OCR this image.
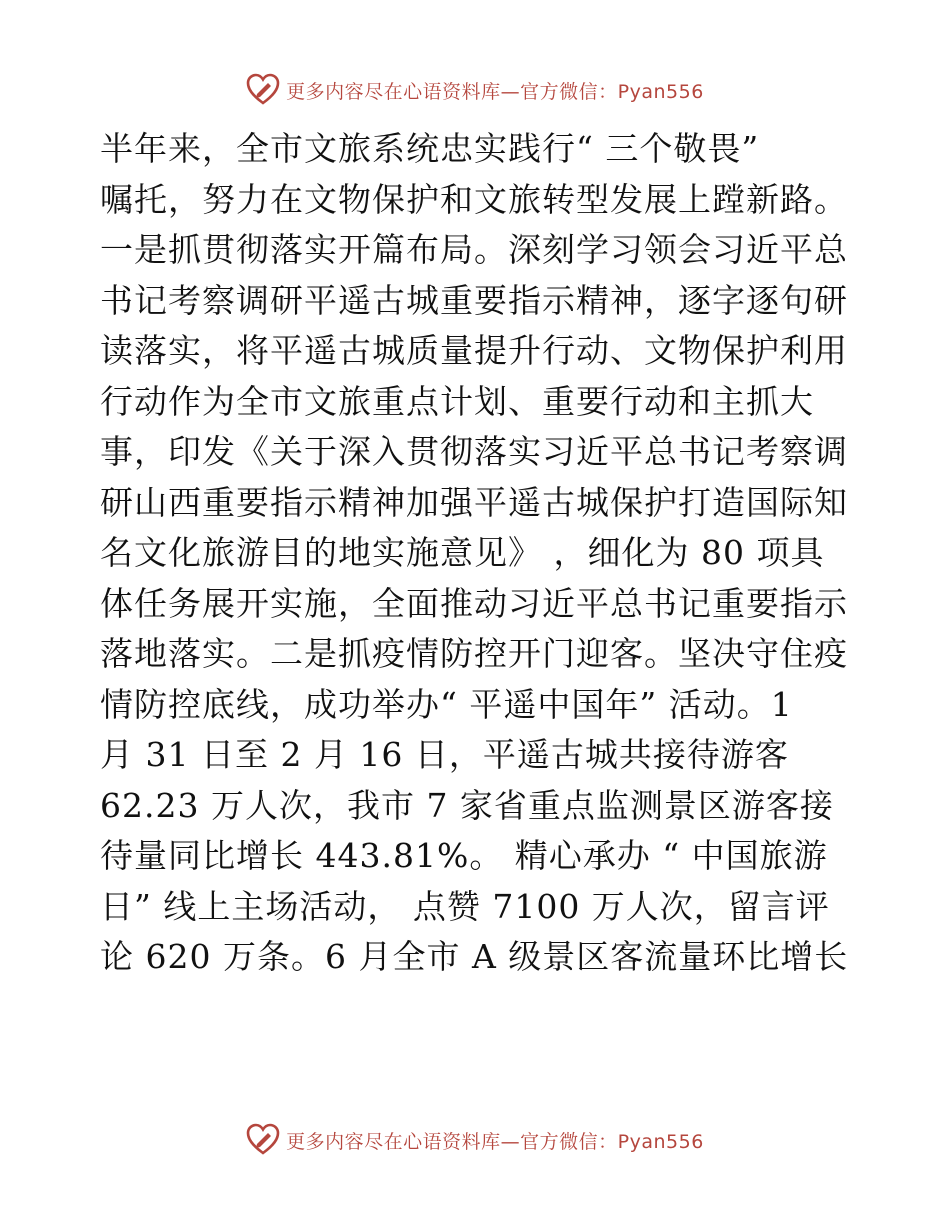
更多内容尽在心语资料库—官方微信：Pyan556
半年来，全市文旅系统忠实践行“ 三个敬畏”
嘱托，努力在文物保护和文旅转型发展上蹚新路。
一是抓贯彻落实开篇布局。深刻学习领会习近平总
书记考察调研平遥古城重要指示精神，逐字逐句研
读落实，将平遥古城质量提升行动、文物保护利用
行动作为全市文旅重点计划、重要行动和主抓大
事，印发《关于深入贯彻落实习近平总书记考察调
研山西重要指示精神加强平遥古城保护打造国际知
名文化旅游目的地实施意见》 ，细化为 80 项具
体任务展开实施，全面推动习近平总书记重要指示
落地落实。二是抓疫情防控开门迎客。坚决守住疫
情防控底线，成功举办“ 平遥中国年” 活动。1
月 31 日至 2 月 16 日，平遥古城共接待游客
62.23 万人次，我市 7 家省重点监测景区游客接
待量同比增长 443.81%。 精心承办 “ 中国旅游
日” 线上主场活动， 点赞 7100 万人次，留言评
论 620 万条。6 月全市 A 级景区客流量环比增长
更多内容尽在心语资料库—官方微信：Pyan556
